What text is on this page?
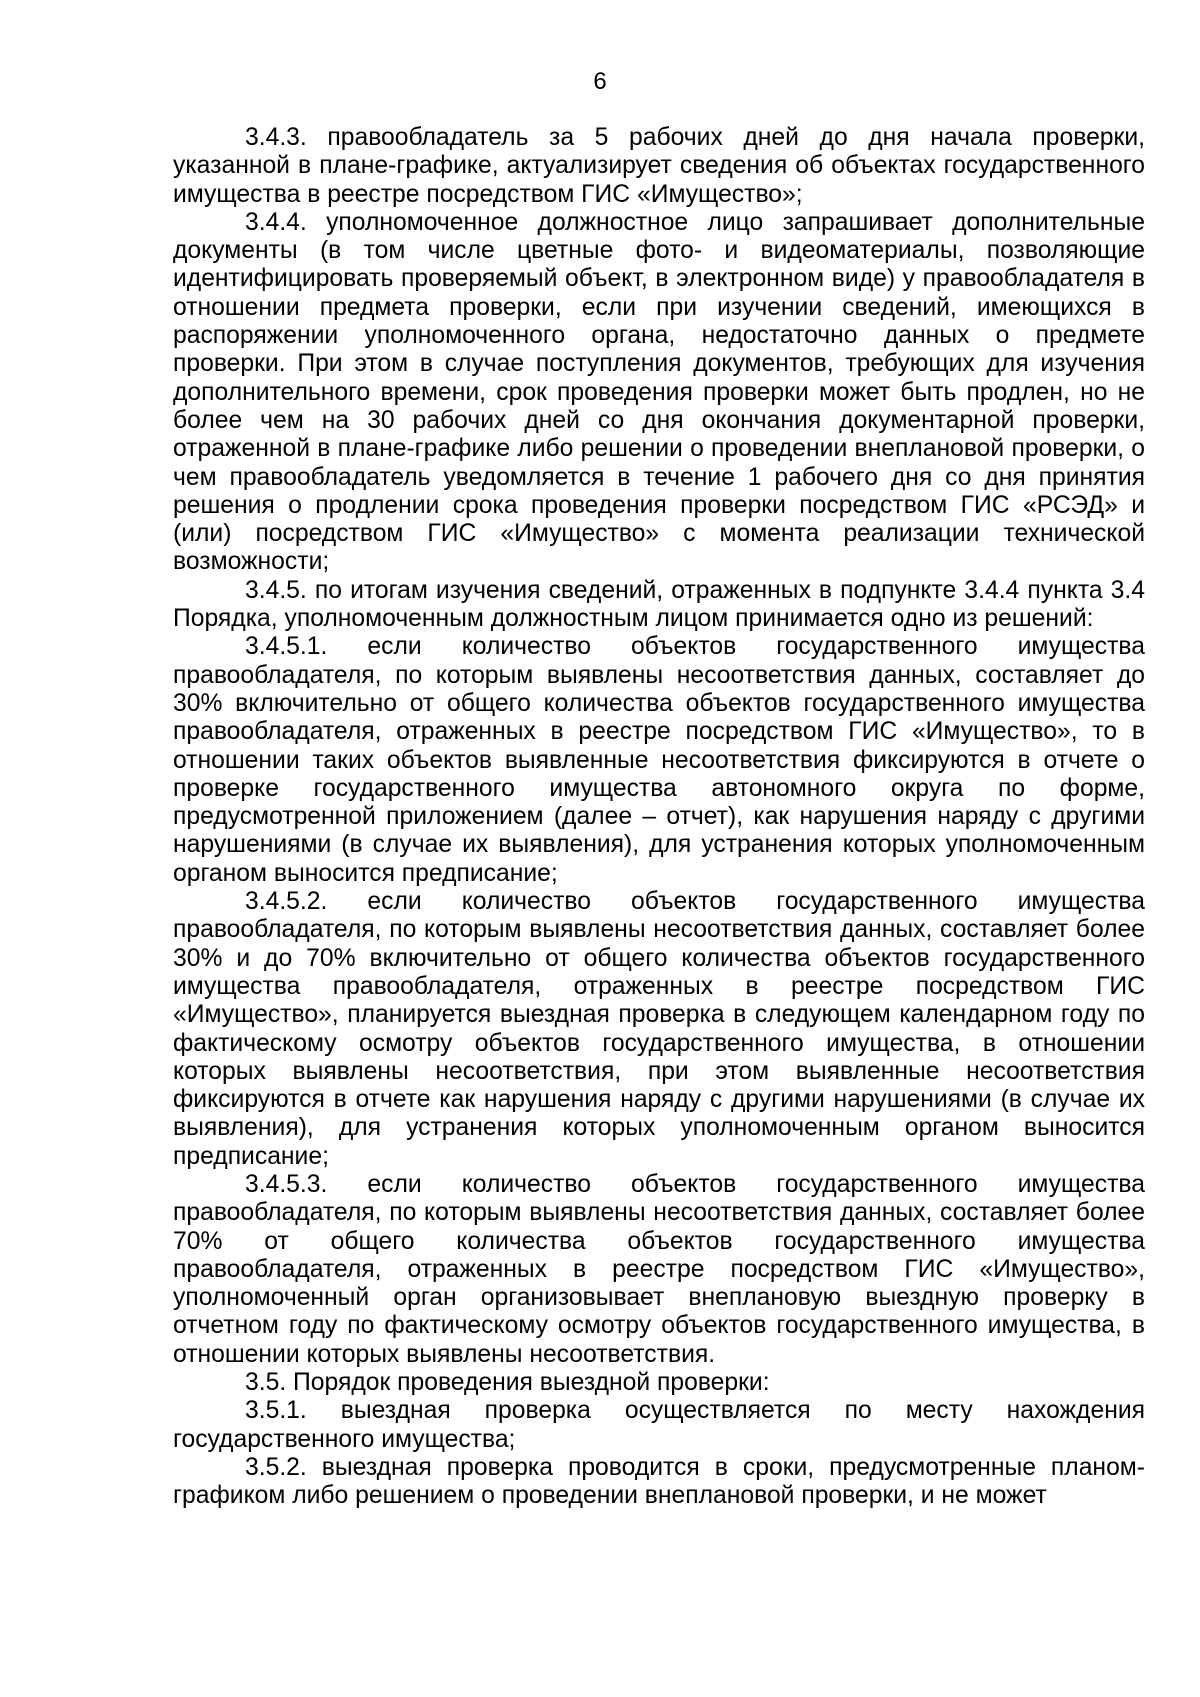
6

3.4.3. правообладатель за 5 рабочих дней до дня начала проверки, указанной в плане-графике, актуализирует сведения об объектах государственного имущества в реестре посредством ГИС «Имущество»;

3.4.4. уполномоченное должностное лицо запрашивает дополнительные документы (в том числе цветные фото- и видеоматериалы, позволяющие идентифицировать проверяемый объект, в электронном виде) у правообладателя в отношении предмета проверки, если при изучении сведений, имеющихся в распоряжении уполномоченного органа, недостаточно данных о предмете проверки. При этом в случае поступления документов, требующих для изучения дополнительного времени, срок проведения проверки может быть продлен, но не более чем на 30 рабочих дней со дня окончания документарной проверки, отраженной в плане-графике либо решении о проведении внеплановой проверки, о чем правообладатель уведомляется в течение 1 рабочего дня со дня принятия решения о продлении срока проведения проверки посредством ГИС «РСЭД» и (или) посредством ГИС «Имущество» с момента реализации технической возможности;

3.4.5. по итогам изучения сведений, отраженных в подпункте 3.4.4 пункта 3.4 Порядка, уполномоченным должностным лицом принимается одно из решений:

3.4.5.1. если количество объектов государственного имущества правообладателя, по которым выявлены несоответствия данных, составляет до 30% включительно от общего количества объектов государственного имущества правообладателя, отраженных в реестре посредством ГИС «Имущество», то в отношении таких объектов выявленные несоответствия фиксируются в отчете о проверке государственного имущества автономного округа по форме, предусмотренной приложением (далее – отчет), как нарушения наряду с другими нарушениями (в случае их выявления), для устранения которых уполномоченным органом выносится предписание;

3.4.5.2. если количество объектов государственного имущества правообладателя, по которым выявлены несоответствия данных, составляет более 30% и до 70% включительно от общего количества объектов государственного имущества правообладателя, отраженных в реестре посредством ГИС «Имущество», планируется выездная проверка в следующем календарном году по фактическому осмотру объектов государственного имущества, в отношении которых выявлены несоответствия, при этом выявленные несоответствия фиксируются в отчете как нарушения наряду с другими нарушениями (в случае их выявления), для устранения которых уполномоченным органом выносится предписание;

3.4.5.3. если количество объектов государственного имущества правообладателя, по которым выявлены несоответствия данных, составляет более 70% от общего количества объектов государственного имущества правообладателя, отраженных в реестре посредством ГИС «Имущество», уполномоченный орган организовывает внеплановую выездную проверку в отчетном году по фактическому осмотру объектов государственного имущества, в отношении которых выявлены несоответствия.

3.5. Порядок проведения выездной проверки:

3.5.1. выездная проверка осуществляется по месту нахождения государственного имущества;

3.5.2. выездная проверка проводится в сроки, предусмотренные планом-графиком либо решением о проведении внеплановой проверки, и не может
